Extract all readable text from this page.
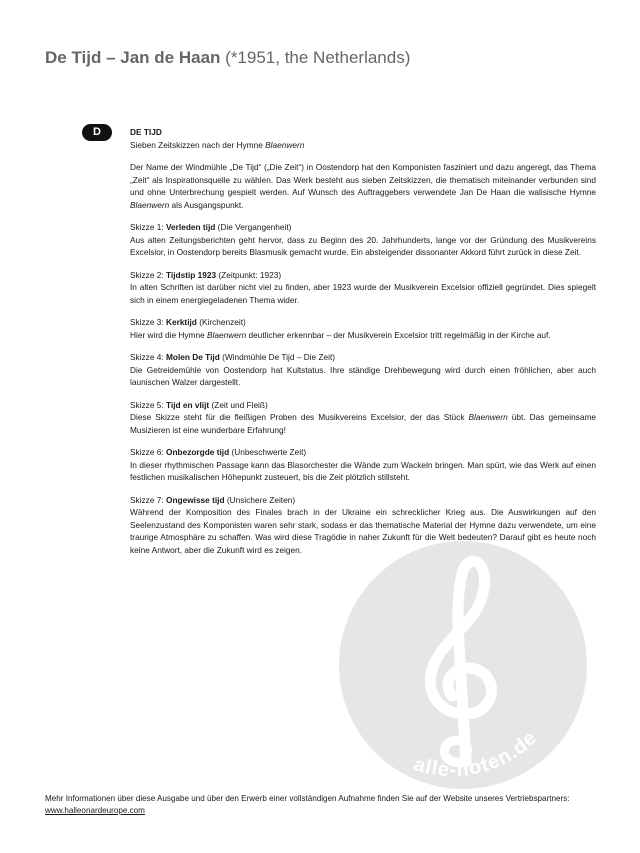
De Tijd – Jan de Haan (*1951, the Netherlands)
alle-noten.de
D	DE TIJD

Sieben Zeitskizzen nach der Hymne Blaenwern

Der Name der Windmühle „De Tijd“ („Die Zeit“) in Oostendorp hat den Komponisten fasziniert und dazu angeregt, das Thema „Zeit“ als Inspirationsquelle zu wählen. Das Werk besteht aus sieben Zeitskizzen, die thematisch miteinander verbunden sind und ohne Unterbrechung gespielt werden. Auf Wunsch des Auftraggebers verwendete Jan De Haan die walisische Hymne Blaenwern als Ausgangspunkt.

Skizze 1: Verleden tijd (Die Vergangenheit)

Aus alten Zeitungsberichten geht hervor, dass zu Beginn des 20. Jahrhunderts, lange vor der Gründung des Musikvereins Excelsior, in Oostendorp bereits Blasmusik gemacht wurde. Ein absteigender dissonanter Akkord führt zurück in diese Zeit.

Skizze 2: Tijdstip 1923 (Zeitpunkt: 1923)

In alten Schriften ist darüber nicht viel zu finden, aber 1923 wurde der Musikverein Excelsior offiziell gegründet. Dies spiegelt sich in einem energiegeladenen Thema wider.

Skizze 3: Kerktijd (Kirchenzeit)

Hier wird die Hymne Blaenwern deutlicher erkennbar – der Musikverein Excelsior tritt regelmäßig in der Kirche auf.

Skizze 4: Molen De Tijd (Windmühle De Tijd – Die Zeit)

Die Getreidemühle von Oostendorp hat Kultstatus. Ihre ständige Drehbewegung wird durch einen fröhlichen, aber auch launischen Walzer dargestellt.

Skizze 5: Tijd en vlijt (Zeit und Fleiß)

Diese Skizze steht für die fleißigen Proben des Musikvereins Excelsior, der das Stück Blaenwern übt. Das gemeinsame Musizieren ist eine wunderbare Erfahrung!

Skizze 6: Onbezorgde tijd (Unbeschwerte Zeit)

In dieser rhythmischen Passage kann das Blasorchester die Wände zum Wackeln bringen. Man spürt, wie das Werk auf einen festlichen musikalischen Höhepunkt zusteuert, bis die Zeit plötzlich stillsteht.

Skizze 7: Ongewisse tijd (Unsichere Zeiten)

Während der Komposition des Finales brach in der Ukraine ein schrecklicher Krieg aus. Die Auswirkungen auf den Seelenzustand des Komponisten waren sehr stark, sodass er das thematische Material der Hymne dazu verwendete, um eine traurige Atmosphäre zu schaffen. Was wird diese Tragödie in naher Zukunft für die Welt bedeuten? Darauf gibt es heute noch keine Antwort, aber die Zukunft wird es zeigen.

Mehr Informationen über diese Ausgabe und über den Erwerb einer vollständigen Aufnahme finden Sie auf der Website unseres Vertriebspartners:
www.halleonardeurope.com
